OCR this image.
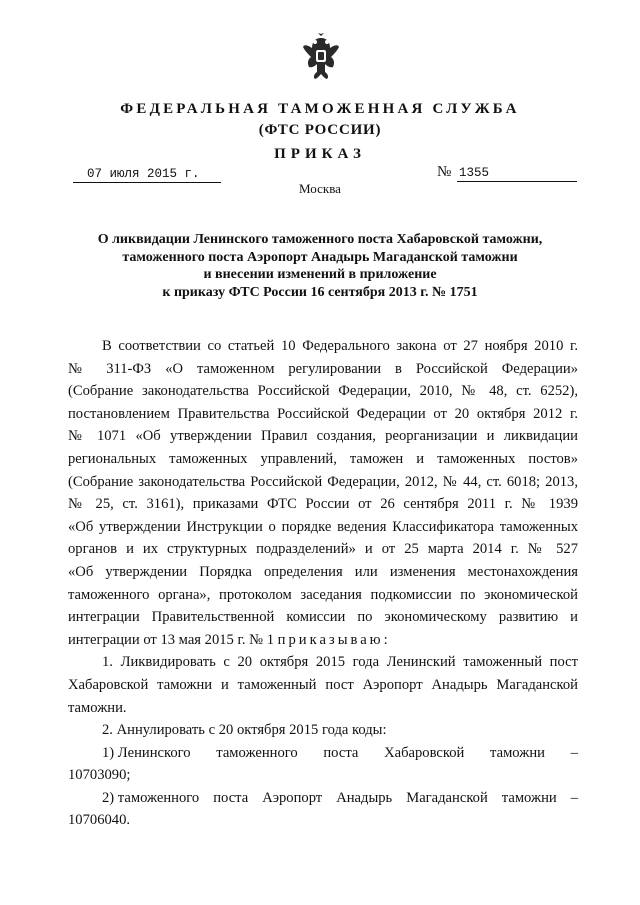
ФЕДЕРАЛЬНАЯ ТАМОЖЕННАЯ СЛУЖБА
(ФТС РОССИИ)
ПРИКАЗ
07 июля 2015 г.	№ 1355
Москва
О ликвидации Ленинского таможенного поста Хабаровской таможни,
таможенного поста Аэропорт Анадырь Магаданской таможни
и внесении изменений в приложение
к приказу ФТС России 16 сентября 2013 г. № 1751
В соответствии со статьей 10 Федерального закона от 27 ноября 2010 г.
№ 311-ФЗ «О таможенном регулировании в Российской Федерации»
(Собрание законодательства Российской Федерации, 2010, № 48, ст. 6252),
постановлением Правительства Российской Федерации от 20 октября 2012 г.
№ 1071 «Об утверждении Правил создания, реорганизации и ликвидации
региональных таможенных управлений, таможен и таможенных постов»
(Собрание законодательства Российской Федерации, 2012, № 44, ст. 6018; 2013,
№ 25, ст. 3161), приказами ФТС России от 26 сентября 2011 г. № 1939
«Об утверждении Инструкции о порядке ведения Классификатора таможенных
органов и их структурных подразделений» и от 25 марта 2014 г. № 527
«Об утверждении Порядка определения или изменения местонахождения
таможенного органа», протоколом заседания подкомиссии по экономической
интеграции Правительственной комиссии по экономическому развитию и
интеграции от 13 мая 2015 г. № 1 приказываю:
1. Ликвидировать с 20 октября 2015 года Ленинский таможенный пост
Хабаровской таможни и таможенный пост Аэропорт Анадырь Магаданской
таможни.
2. Аннулировать с 20 октября 2015 года коды:
1) Ленинского таможенного поста Хабаровской таможни –
10703090;
2) таможенного поста Аэропорт Анадырь Магаданской таможни –
10706040.
